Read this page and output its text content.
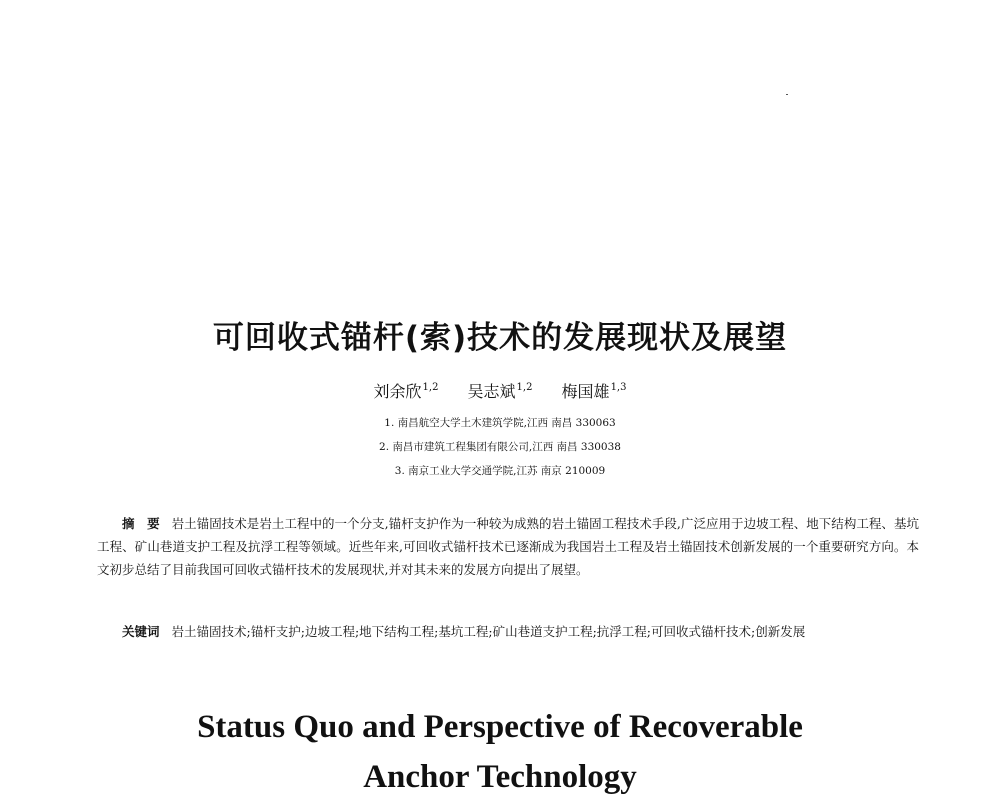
可回收式锚杆(索)技术的发展现状及展望
刘余欣$^{1,2}$ 吴志斌$^{1,2}$ 梅国雄$^{1,3}$
1. 南昌航空大学土木建筑学院,江西 南昌 330063
2. 南昌市建筑工程集团有限公司,江西 南昌 330038
3. 南京工业大学交通学院,江苏 南京 210009

摘　要 岩土锚固技术是岩土工程中的一个分支,锚杆支护作为一种较为成熟的岩土锚固工程技术手段,广泛应用于边坡工程、地下结构工程、基坑工程、矿山巷道支护工程及抗浮工程等领域。近些年来,可回收式锚杆技术已逐渐成为我国岩土工程及岩土锚固技术创新发展的一个重要研究方向。本文初步总结了目前我国可回收式锚杆技术的发展现状,并对其未来的发展方向提出了展望。

关键词 岩土锚固技术;锚杆支护;边坡工程;地下结构工程;基坑工程;矿山巷道支护工程;抗浮工程;可回收式锚杆技术;创新发展

Status Quo and Perspective of Recoverable
Anchor Technology
